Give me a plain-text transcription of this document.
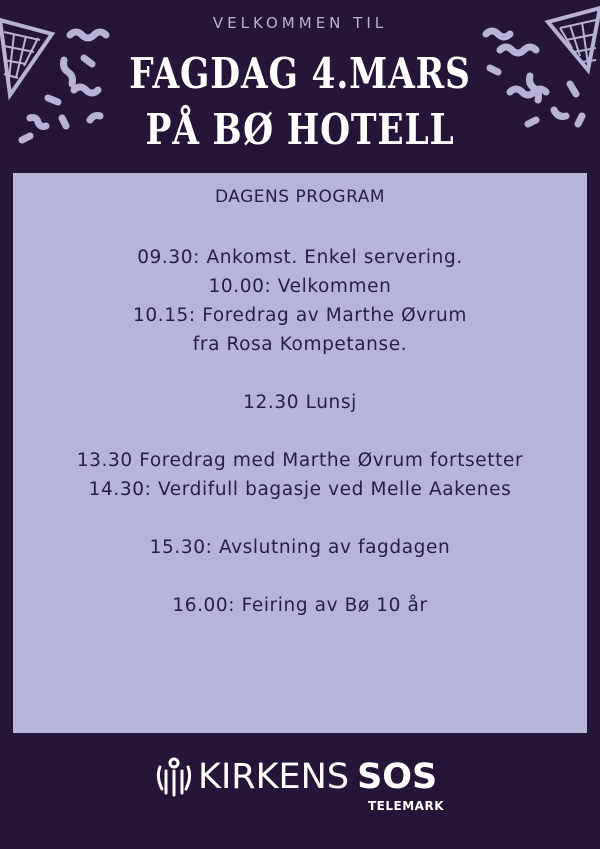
VELKOMMEN TIL
FAGDAG 4.MARS
PÅ BØ HOTELL
DAGENS PROGRAM
09.30: Ankomst. Enkel servering.
10.00: Velkommen
10.15: Foredrag av Marthe Øvrum
fra Rosa Kompetanse.
12.30 Lunsj
13.30 Foredrag med Marthe Øvrum fortsetter
14.30: Verdifull bagasje ved Melle Aakenes
15.30: Avslutning av fagdagen
16.00: Feiring av Bø 10 år
KIRKENS SOS
TELEMARK
